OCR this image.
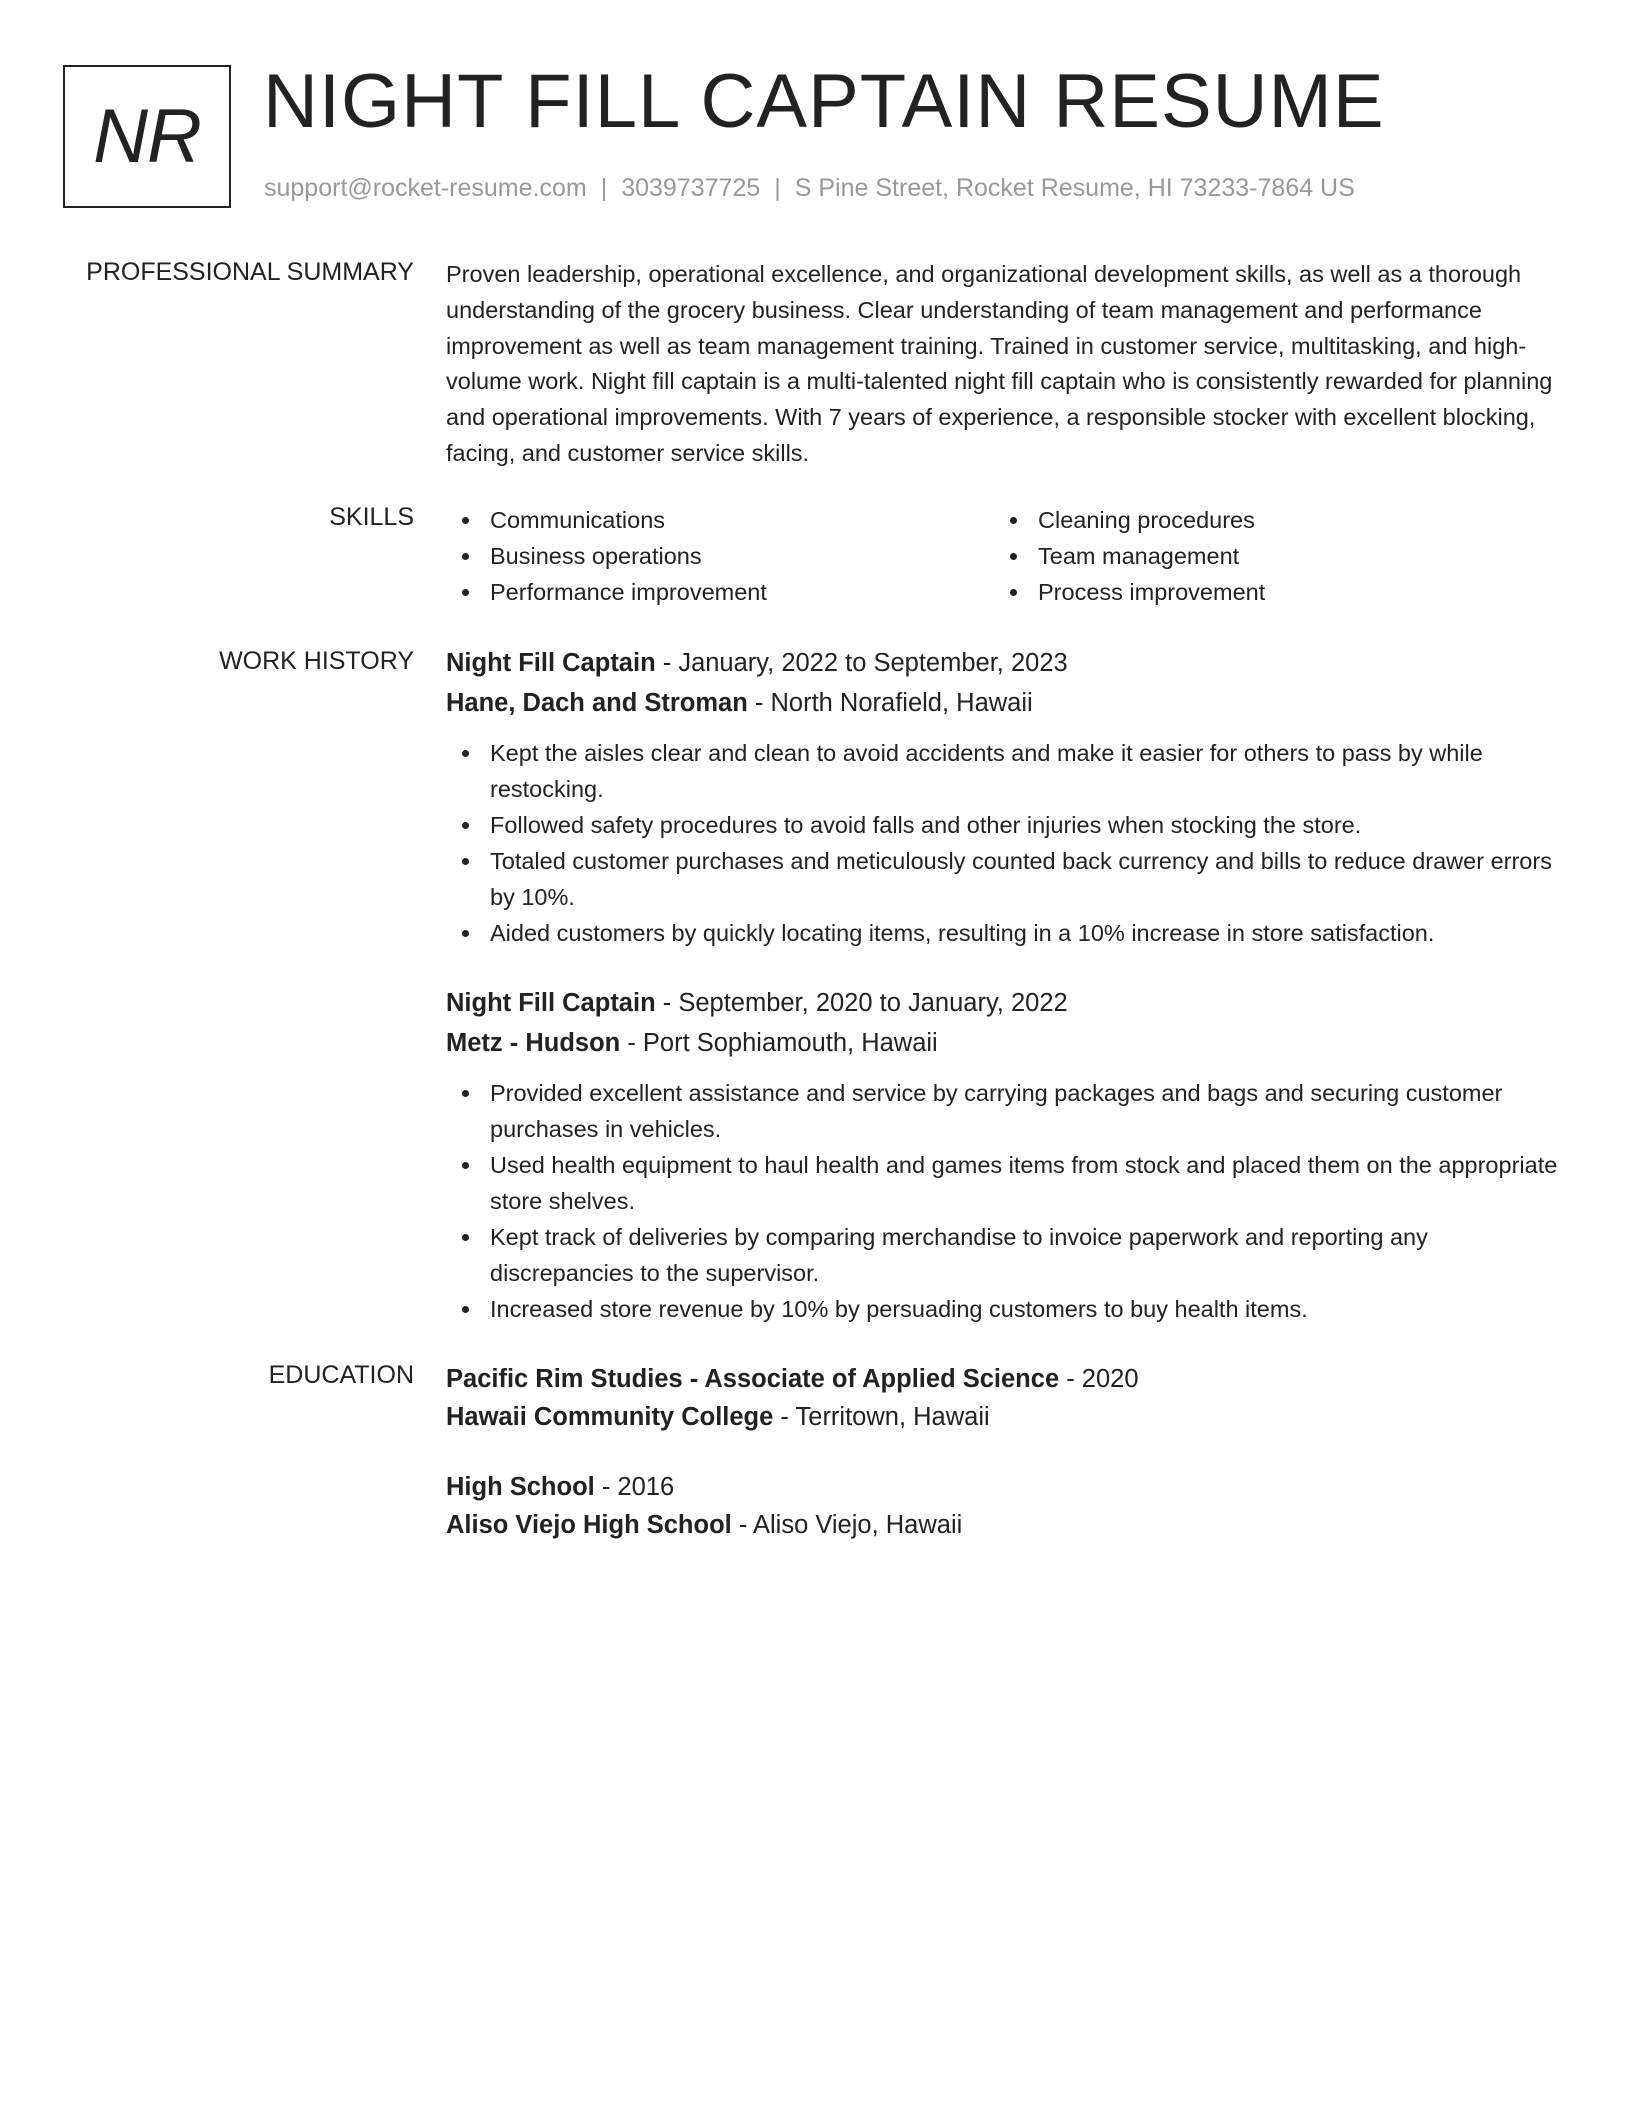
NR NIGHT FILL CAPTAIN RESUME
support@rocket-resume.com | 3039737725 | S Pine Street, Rocket Resume, HI 73233-7864 US
PROFESSIONAL SUMMARY Proven leadership, operational excellence, and organizational development skills, as well as a thorough understanding of the grocery business. Clear understanding of team management and performance improvement as well as team management training. Trained in customer service, multitasking, and high-volume work. Night fill captain is a multi-talented night fill captain who is consistently rewarded for planning and operational improvements. With 7 years of experience, a responsible stocker with excellent blocking, facing, and customer service skills.
SKILLS	Communications
Business operations
Performance improvement
Cleaning procedures
Team management
Process improvement
WORK HISTORY Night Fill Captain - January, 2022 to September, 2023
Hane, Dach and Stroman - North Norafield, Hawaii
Kept the aisles clear and clean to avoid accidents and make it easier for others to pass by while restocking.
Followed safety procedures to avoid falls and other injuries when stocking the store.
Totaled customer purchases and meticulously counted back currency and bills to reduce drawer errors by 10%.
Aided customers by quickly locating items, resulting in a 10% increase in store satisfaction.
Night Fill Captain - September, 2020 to January, 2022
Metz - Hudson - Port Sophiamouth, Hawaii
Provided excellent assistance and service by carrying packages and bags and securing customer purchases in vehicles.
Used health equipment to haul health and games items from stock and placed them on the appropriate store shelves.
Kept track of deliveries by comparing merchandise to invoice paperwork and reporting any discrepancies to the supervisor.
Increased store revenue by 10% by persuading customers to buy health items.
EDUCATION Pacific Rim Studies - Associate of Applied Science - 2020
Hawaii Community College - Territown, Hawaii
High School - 2016
Aliso Viejo High School - Aliso Viejo, Hawaii
